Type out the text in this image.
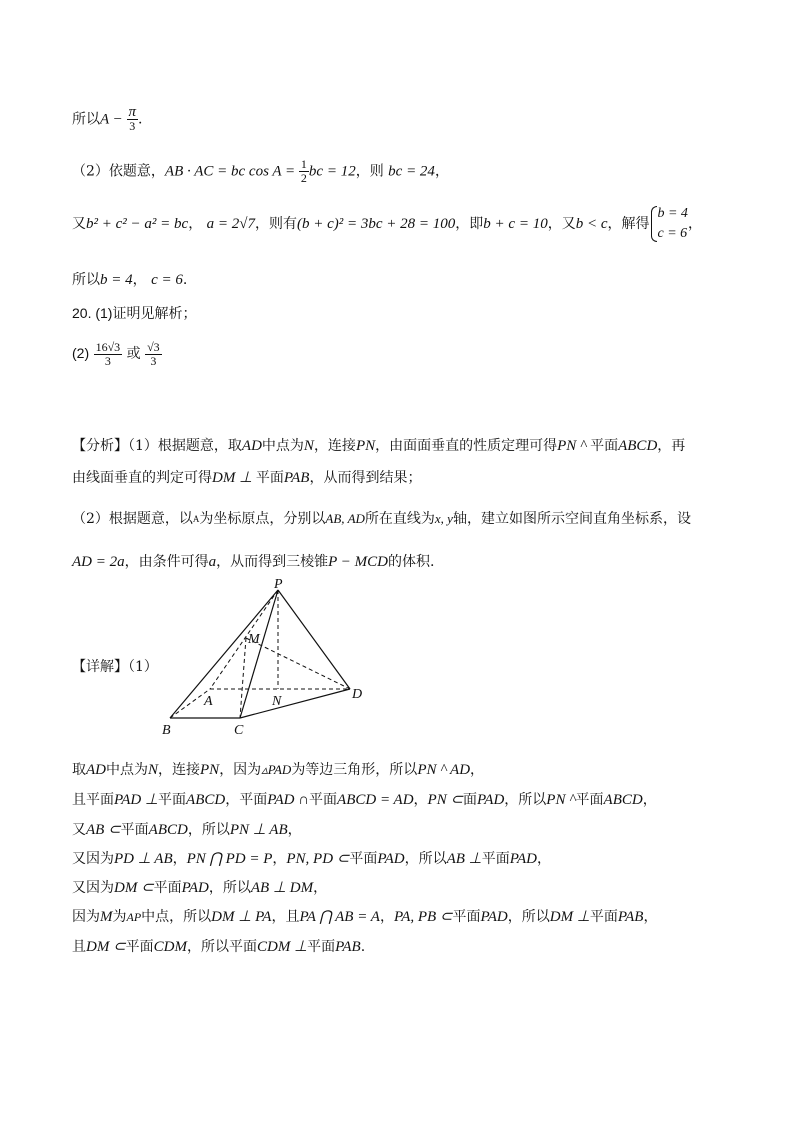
所以$A - \frac{\pi}{3}$ .
（2）依题意，AB · AC = bc $\cos A = \frac{1}{2}$ bc = 12，则 bc = 24，
又b² + c² − a² = bc， a = 2√7，则有(b + c)² = 3bc + 28 = 100，即b + c = 10，又b < c，解得
b = 4
c = 6
，
所以b = 4， c = 6.
20. (1)证明见解析；
$(2) \frac{16√3}{3}$ 或 $\frac{√3}{3}$
【分析】（1）根据题意，取AD中点为N，连接PN，由面面垂直的性质定理可得PN ^ 平面ABCD，再
由线面垂直的判定可得DM ⊥ 平面PAB，从而得到结果；
（2）根据题意，以$^A$为坐标原点，分别以AB, AD所在直线为x, y轴，建立如图所示空间直角坐标系，设
AD = 2a，由条件可得a，从而得到三棱锥P − MCD的体积.
P
M
A	N	D
B	C
【详解】（1）
取AD中点为N，连接PN，因为▵PAD为等边三角形，所以PN ^ AD，
且平面PAD ⊥平面ABCD，平面PAD ∩平面ABCD = AD，PN ⊂面PAD，所以PN ^平面ABCD，
又AB ⊂平面ABCD，所以PN ⊥ AB，
又因为PD ⊥ AB，PN ⋂ PD = P，PN, PD ⊂平面PAD，所以AB ⊥平面PAD，
又因为DM ⊂平面PAD，所以AB ⊥ DM，
因为M为AP中点，所以DM ⊥ PA，且PA ⋂ AB = A，PA, PB ⊂平面PAD，所以DM ⊥平面PAB，
且DM ⊂平面CDM，所以平面CDM ⊥平面PAB.
